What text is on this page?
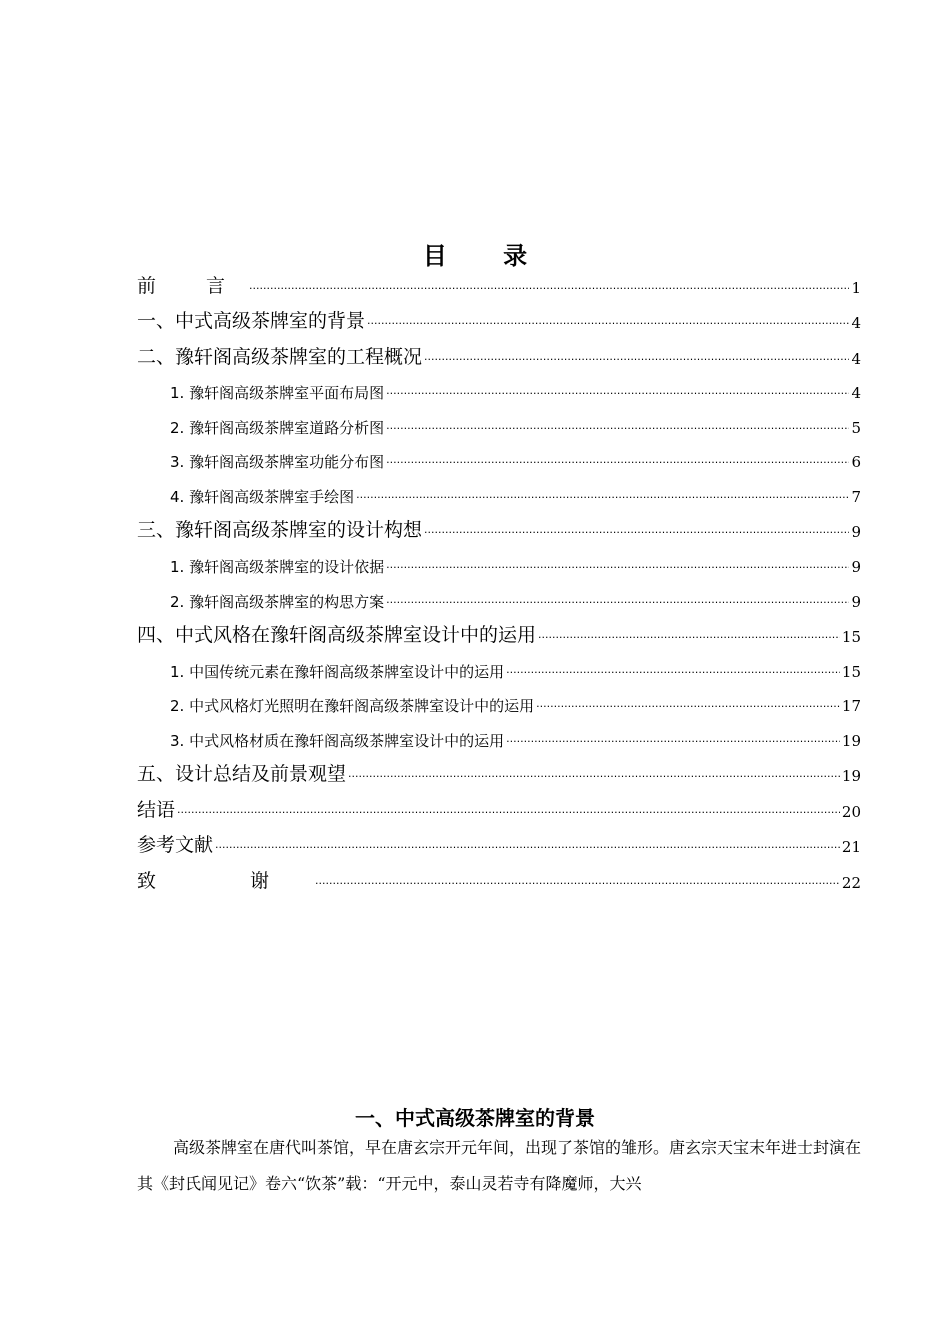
目 录
前 言 ·····	1
一、中式高级茶牌室的背景 ·····	4
二、豫轩阁高级茶牌室的工程概况 ·····	4
1. 豫轩阁高级茶牌室平面布局图 ·····	4
2. 豫轩阁高级茶牌室道路分析图 ·····	5
3. 豫轩阁高级茶牌室功能分布图 ·····	6
4. 豫轩阁高级茶牌室手绘图 ·····	7
三、豫轩阁高级茶牌室的设计构想 ·····	9
1. 豫轩阁高级茶牌室的设计依据 ·····	9
2. 豫轩阁高级茶牌室的构思方案 ·····	9
四、中式风格在豫轩阁高级茶牌室设计中的运用 ·····	15
1. 中国传统元素在豫轩阁高级茶牌室设计中的运用 ·····	15
2. 中式风格灯光照明在豫轩阁高级茶牌室设计中的运用 ·····	17
3. 中式风格材质在豫轩阁高级茶牌室设计中的运用 ·····	19
五、设计总结及前景观望 ·····	19
结语 ·····	20
参考文献 ·····	21
致 谢 ·····	22
一、中式高级茶牌室的背景
高级茶牌室在唐代叫茶馆，早在唐玄宗开元年间，出现了茶馆的雏形。唐玄宗天宝末年进士封演在其《封氏闻见记》卷六“饮茶”载：“开元中，泰山灵若寺有降魔师，大兴
